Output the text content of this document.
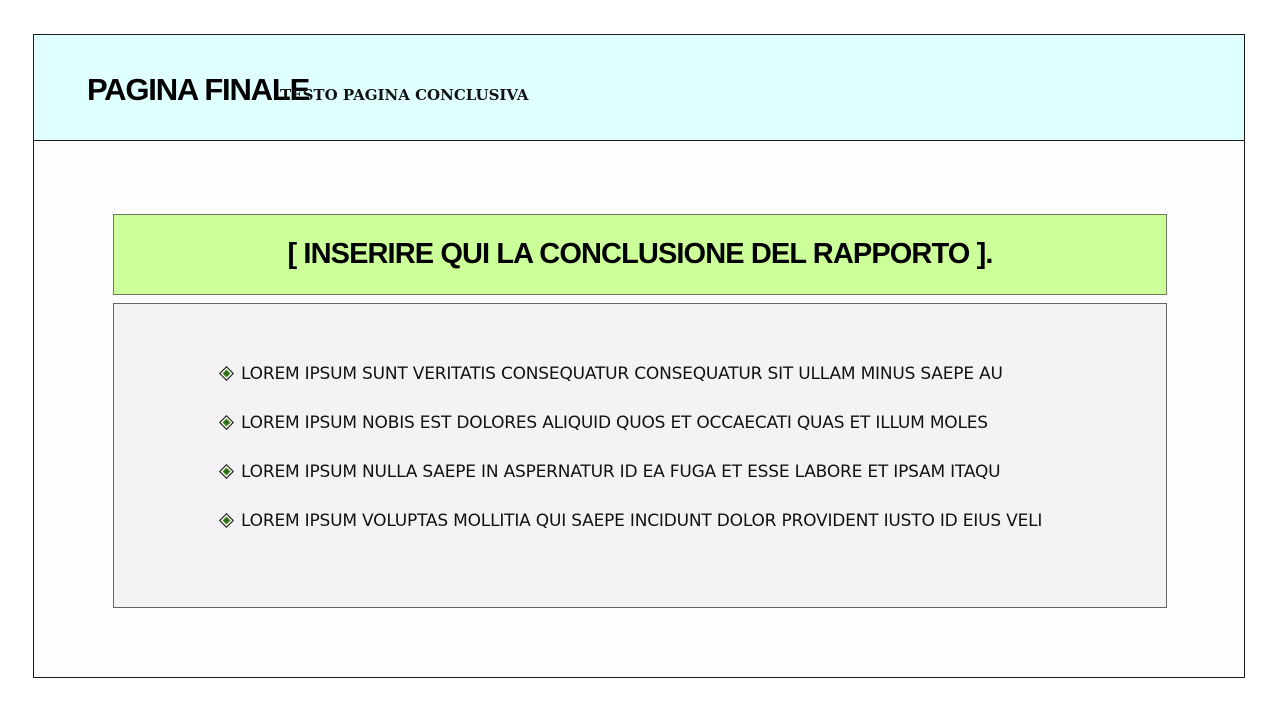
PAGINA FINALE
TESTO PAGINA CONCLUSIVA
[ INSERIRE QUI LA CONCLUSIONE DEL RAPPORTO ].
LOREM IPSUM SUNT VERITATIS CONSEQUATUR CONSEQUATUR SIT ULLAM MINUS SAEPE AU
LOREM IPSUM NOBIS EST DOLORES ALIQUID QUOS ET OCCAECATI QUAS ET ILLUM MOLES
LOREM IPSUM NULLA SAEPE IN ASPERNATUR ID EA FUGA ET ESSE LABORE ET IPSAM ITAQU
LOREM IPSUM VOLUPTAS MOLLITIA QUI SAEPE INCIDUNT DOLOR PROVIDENT IUSTO ID EIUS VELI
